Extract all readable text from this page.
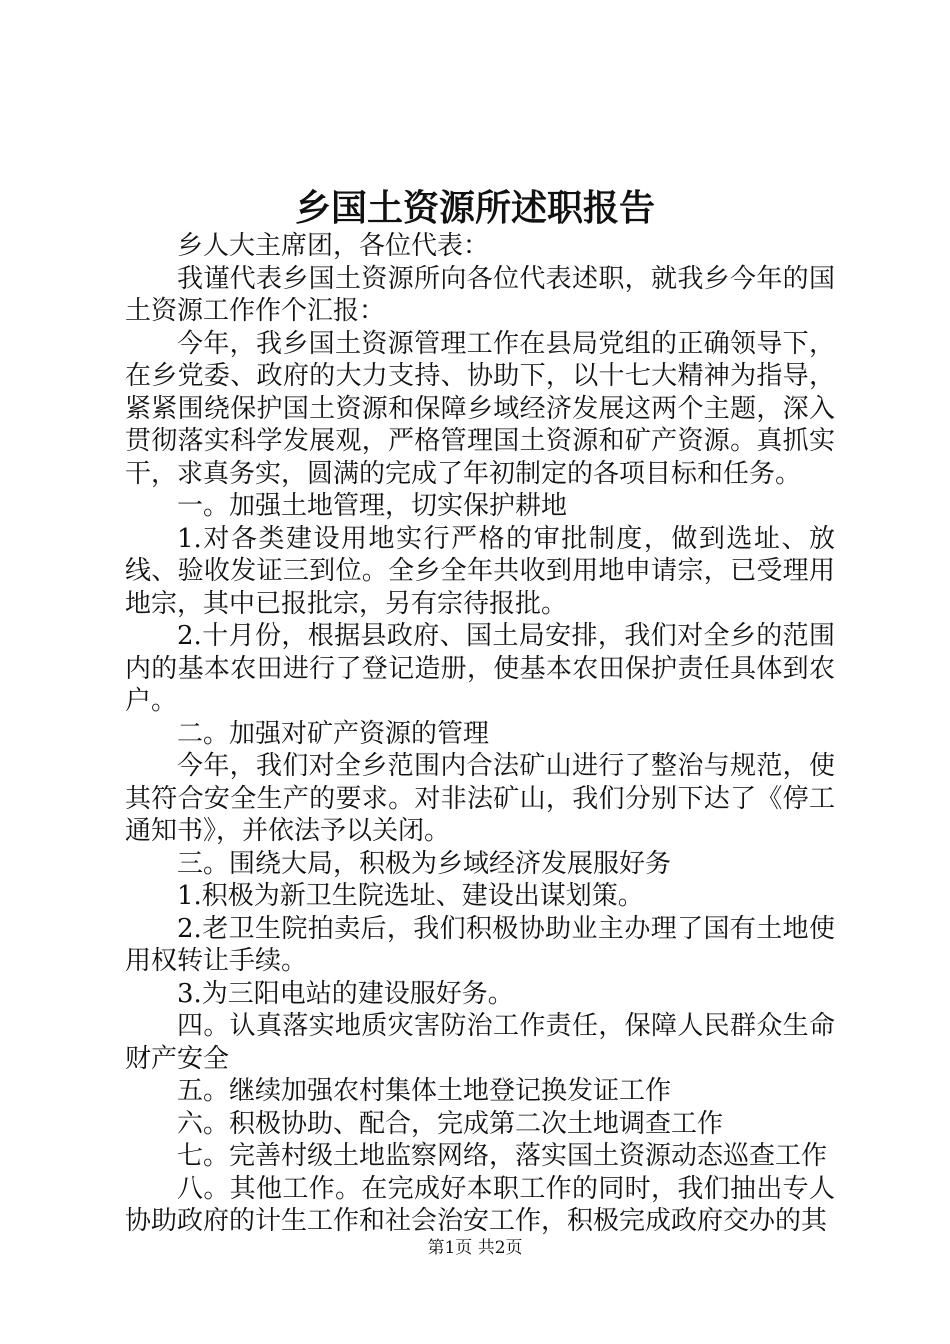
乡国土资源所述职报告

乡人大主席团，各位代表：

我谨代表乡国土资源所向各位代表述职，就我乡今年的国土资源工作作个汇报：

今年，我乡国土资源管理工作在县局党组的正确领导下，在乡党委、政府的大力支持、协助下，以十七大精神为指导，紧紧围绕保护国土资源和保障乡域经济发展这两个主题，深入贯彻落实科学发展观，严格管理国土资源和矿产资源。真抓实干，求真务实，圆满的完成了年初制定的各项目标和任务。

一。加强土地管理，切实保护耕地

1.对各类建设用地实行严格的审批制度，做到选址、放线、验收发证三到位。全乡全年共收到用地申请宗，已受理用地宗，其中已报批宗，另有宗待报批。

2.十月份，根据县政府、国土局安排，我们对全乡的范围内的基本农田进行了登记造册，使基本农田保护责任具体到农户。

二。加强对矿产资源的管理

今年，我们对全乡范围内合法矿山进行了整治与规范，使其符合安全生产的要求。对非法矿山，我们分别下达了《停工通知书》，并依法予以关闭。

三。围绕大局，积极为乡域经济发展服好务

1.积极为新卫生院选址、建设出谋划策。

2.老卫生院拍卖后，我们积极协助业主办理了国有土地使用权转让手续。

3.为三阳电站的建设服好务。

四。认真落实地质灾害防治工作责任，保障人民群众生命财产安全

五。继续加强农村集体土地登记换发证工作

六。积极协助、配合，完成第二次土地调查工作

七。完善村级土地监察网络，落实国土资源动态巡查工作

八。其他工作。在完成好本职工作的同时，我们抽出专人协助政府的计生工作和社会治安工作，积极完成政府交办的其

第1页 共2页
